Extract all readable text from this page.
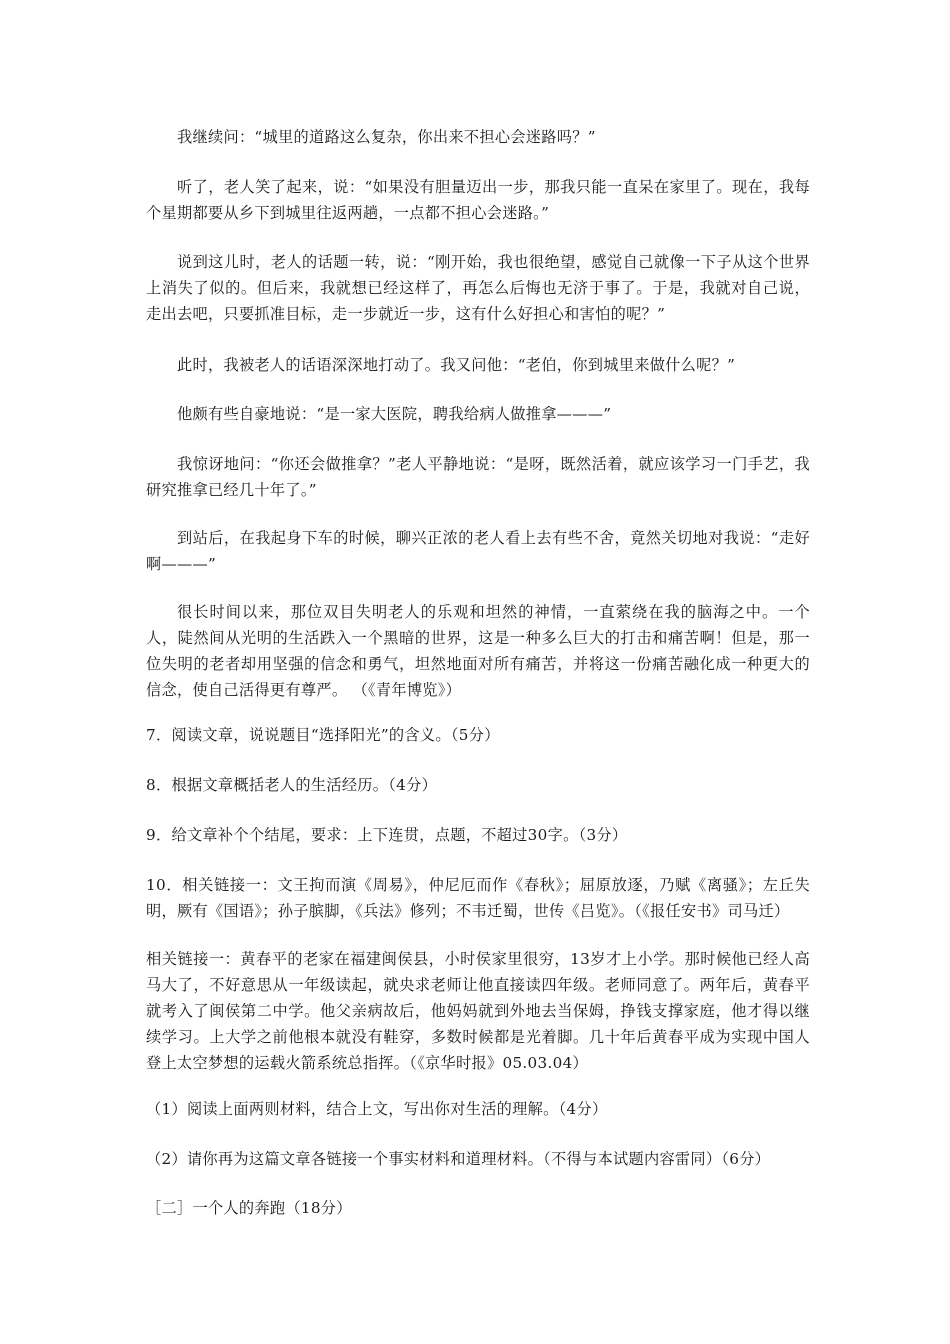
我继续问：“城里的道路这么复杂，你出来不担心会迷路吗？”

听了，老人笑了起来，说：“如果没有胆量迈出一步，那我只能一直呆在家里了。现在，我每个星期都要从乡下到城里往返两趟，一点都不担心会迷路。”

说到这儿时，老人的话题一转，说：“刚开始，我也很绝望，感觉自己就像一下子从这个世界上消失了似的。但后来，我就想已经这样了，再怎么后悔也无济于事了。于是，我就对自己说，走出去吧，只要抓准目标，走一步就近一步，这有什么好担心和害怕的呢？”

此时，我被老人的话语深深地打动了。我又问他：“老伯，你到城里来做什么呢？”

他颇有些自豪地说：“是一家大医院，聘我给病人做推拿———”

我惊讶地问：“你还会做推拿？”老人平静地说：“是呀，既然活着，就应该学习一门手艺，我研究推拿已经几十年了。”

到站后，在我起身下车的时候，聊兴正浓的老人看上去有些不舍，竟然关切地对我说：“走好啊———”

很长时间以来，那位双目失明老人的乐观和坦然的神情，一直萦绕在我的脑海之中。一个人，陡然间从光明的生活跌入一个黑暗的世界，这是一种多么巨大的打击和痛苦啊！但是，那一位失明的老者却用坚强的信念和勇气，坦然地面对所有痛苦，并将这一份痛苦融化成一种更大的信念，使自己活得更有尊严。 （《青年博览》）

7．阅读文章，说说题目“选择阳光”的含义。（5分）

8．根据文章概括老人的生活经历。（4分）

9．给文章补个个结尾，要求：上下连贯，点题，不超过30字。（3分）

10．相关链接一：文王拘而演《周易》，仲尼厄而作《春秋》；屈原放逐，乃赋《离骚》；左丘失明，厥有《国语》；孙子膑脚，《兵法》修列；不韦迁蜀，世传《吕览》。（《报任安书》司马迁）

相关链接一：黄春平的老家在福建闽侯县，小时侯家里很穷，13岁才上小学。那时候他已经人高马大了，不好意思从一年级读起，就央求老师让他直接读四年级。老师同意了。两年后，黄春平就考入了闽侯第二中学。他父亲病故后，他妈妈就到外地去当保姆，挣钱支撑家庭，他才得以继续学习。上大学之前他根本就没有鞋穿，多数时候都是光着脚。几十年后黄春平成为实现中国人登上太空梦想的运载火箭系统总指挥。（《京华时报》05.03.04）

（1）阅读上面两则材料，结合上文，写出你对生活的理解。（4分）

（2）请你再为这篇文章各链接一个事实材料和道理材料。（不得与本试题内容雷同）（6分）

［二］一个人的奔跑（18分）
